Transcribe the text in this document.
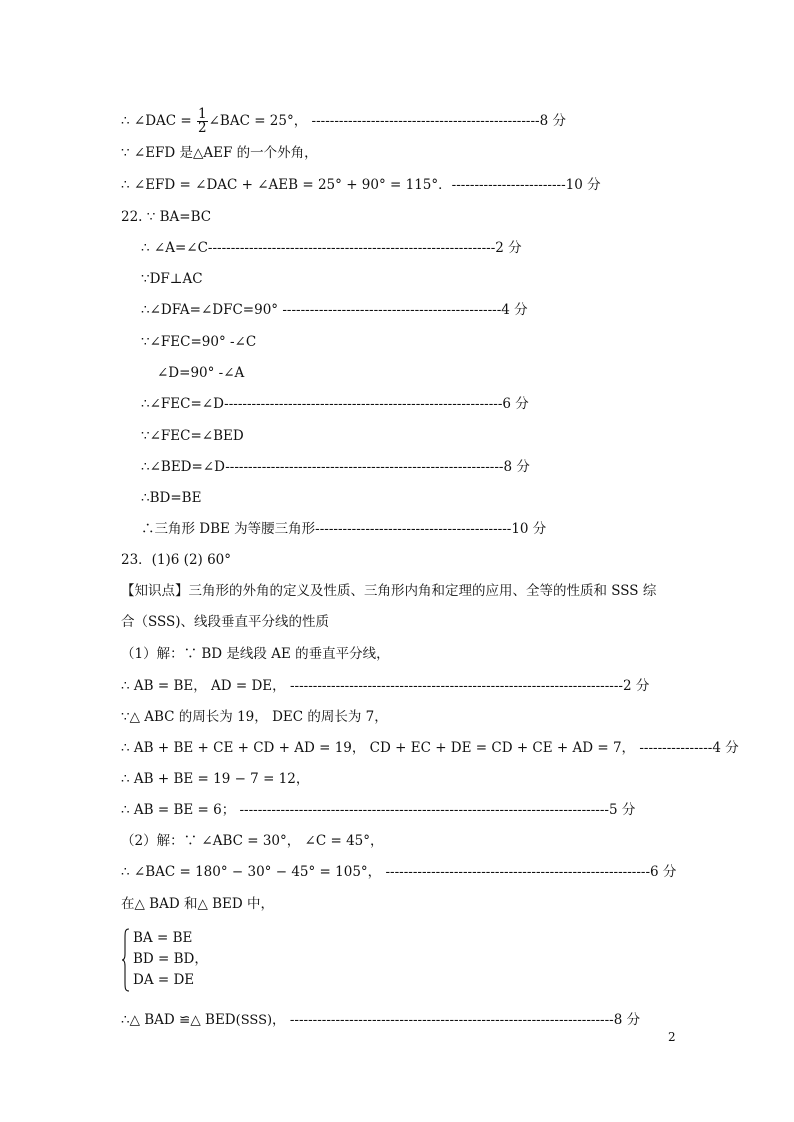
∴ ∠DAC = $\frac{1}{2}$ ∠BAC = 25°， --------------------------------------------------8 分
∵ ∠EFD 是△AEF 的一个外角，
∴ ∠EFD = ∠DAC + ∠AEB = 25° + 90° = 115°．-------------------------10 分
22. ∵ BA=BC
∴ ∠A=∠C---------------------------------------------------------------2 分
∵DF⊥AC
∴∠DFA=∠DFC=90° ------------------------------------------------4 分
∵∠FEC=90° -∠C
∠D=90° -∠A
∴∠FEC=∠D-------------------------------------------------------------6 分
∵∠FEC=∠BED
∴∠BED=∠D-------------------------------------------------------------8 分
∴BD=BE
∴三角形 DBE 为等腰三角形-------------------------------------------10 分
23．(1)6 (2) 60°
【知识点】三角形的外角的定义及性质、三角形内角和定理的应用、全等的性质和 SSS 综
合（SSS)、线段垂直平分线的性质
（1）解：∵ BD 是线段 AE 的垂直平分线，
∴ AB = BE， AD = DE， -------------------------------------------------------------------------2 分
∵△ ABC 的周长为 19， DEC 的周长为 7，
∴ AB + BE + CE + CD + AD = 19， CD + EC + DE = CD + CE + AD = 7， ----------------4 分
∴ AB + BE = 19 − 7 = 12，
∴ AB = BE = 6； ---------------------------------------------------------------------------------5 分
（2）解：∵ ∠ABC = 30°， ∠C = 45°，
∴ ∠BAC = 180° − 30° − 45° = 105°， ----------------------------------------------------------6 分
在△ BAD 和△ BED 中，
BA = BE
BD = BD，
DA = DE
∴△ BAD ≌△ BED(SSS)， -----------------------------------------------------------------------8 分
2
